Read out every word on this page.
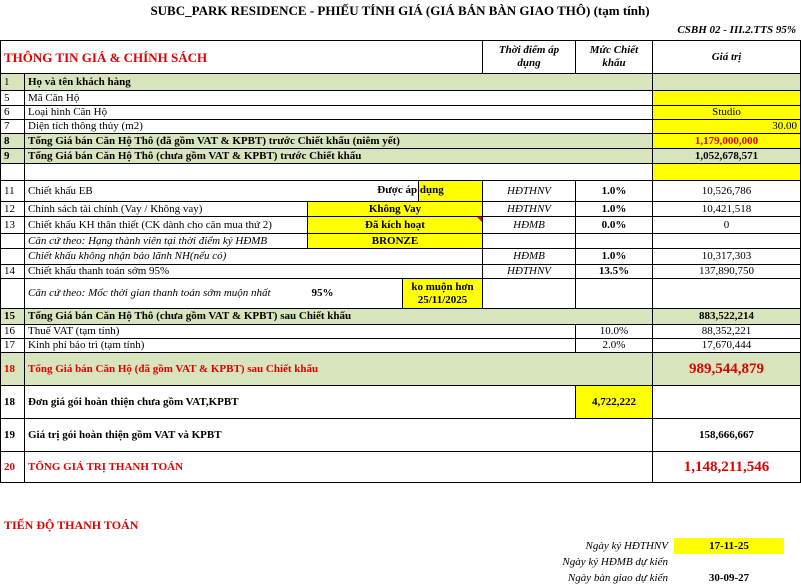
SUBC_PARK RESIDENCE - PHIẾU TÍNH GIÁ (GIÁ BÁN BÀN GIAO THÔ) (tạm tính)
CSBH 02 - III.2.TTS 95%
THÔNG TIN GIÁ & CHÍNH SÁCH					Thời điểm áp dụng	Mức Chiết khấu	Giá trị
1	Họ và tên khách hàng						
5	Mã Căn Hộ						
6	Loại hình Căn Hộ						Studio
7	Diện tích thông thủy (m2)						30.00
8	Tổng Giá bán Căn Hộ Thô (đã gồm VAT & KPBT) trước Chiết khấu (niêm yết)						1,179,000,000
9	Tổng Giá bán Căn Hộ Thô (chưa gồm VAT & KPBT) trước Chiết khấu						1,052,678,571

11	Chiết khấu EB			Được áp dụng	HĐTHNV	1.0%	10,526,786
12	Chính sách tài chính (Vay / Không vay)	Không Vay			HĐTHNV	1.0%	10,421,518
13	Chiết khấu KH thân thiết (CK dành cho căn mua thứ 2)	Đã kích hoạt			HĐMB	0.0%	0
	Căn cứ theo: Hạng thành viên tại thời điểm ký HĐMB	BRONZE					
	Chiết khấu không nhận bảo lãnh NH(nếu có)				HĐMB	1.0%	10,317,303
14	Chiết khấu thanh toán sớm 95%				HĐTHNV	13.5%	137,890,750
	Căn cứ theo: Mốc thời gian thanh toán sớm muộn nhất	95%	ko muộn hơn 25/11/2025				
15	Tổng Giá bán Căn Hộ Thô (chưa gồm VAT & KPBT) sau Chiết khấu						883,522,214
16	Thuế VAT (tạm tính)					10.0%	88,352,221
17	Kinh phí bảo trì (tạm tính)					2.0%	17,670,444
18	Tổng Giá bán Căn Hộ (đã gồm VAT & KPBT) sau Chiết khấu						989,544,879
18	Đơn giá gói hoàn thiện chưa gồm VAT,KPBT					4,722,222	
19	Giá trị gói hoàn thiện gồm VAT và KPBT						158,666,667
20	TỔNG GIÁ TRỊ THANH TOÁN						1,148,211,546
TIẾN ĐỘ THANH TOÁN
Ngày ký HĐTHNV	17-11-25
Ngày ký HĐMB dự kiến
Ngày bàn giao dự kiến	30-09-27
